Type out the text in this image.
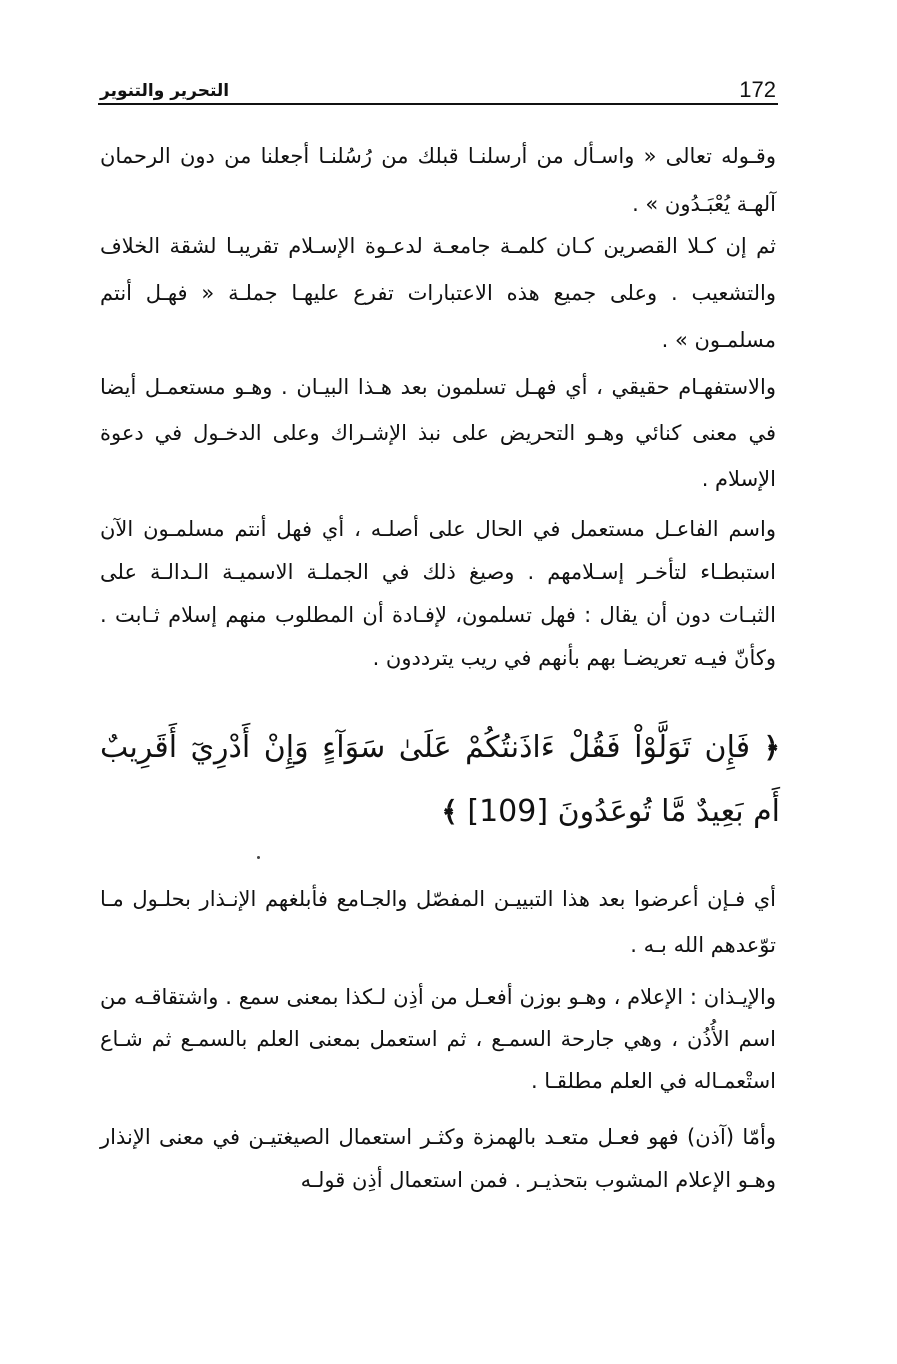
التحرير والتنوير	172

وقـوله تعالى « واسـأل من أرسلنـا قبلك من رُسُلنـا أجعلنا من دون الرحمان آلهـة يُعْبَـدُون » .

ثم إن كـلا القصرين كـان كلمـة جامعـة لدعـوة الإسـلام تقريبـا لشقة الخلاف والتشعيب . وعلى جميع هذه الاعتبارات تفرع عليهـا جملـة « فهـل أنتم مسلمـون » .

والاستفهـام حقيقي ، أي فهـل تسلمون بعد هـذا البيـان . وهـو مستعمـل أيضا في معنى كنائي وهـو التحريض على نبذ الإشـراك وعلى الدخـول في دعوة الإسلام .

واسم الفاعـل مستعمل في الحال على أصلـه ، أي فهل أنتم مسلمـون الآن استبطـاء لتأخـر إسـلامهم . وصيغ ذلك في الجملـة الاسميـة الـدالـة على الثبـات دون أن يقال : فهل تسلمون، لإفـادة أن المطلوب منهم إسلام ثـابت . وكأنّ فيـه تعريضـا بهم بأنهم في ريب يترددون .

﴿ فَإِن تَوَلَّوْاْ فَقُلْ ءَاذَنتُكُمْ عَلَىٰ سَوَآءٍ وَإِنْ أَدْرِيٓ أَقَرِيبٌ أَم بَعِيدٌ مَّا تُوعَدُونَ [109] ﴾

أي فـإن أعرضوا بعد هذا التبييـن المفصّل والجـامع فأبلغهم الإنـذار بحلـول مـا توّعدهم الله بـه .

والإيـذان : الإعلام ، وهـو بوزن أفعـل من أذِن لـكذا بمعنى سمع . واشتقاقـه من اسم الأُذُن ، وهي جارحة السمـع ، ثم استعمل بمعنى العلم بالسمـع ثم شـاع استْعمـاله في العلم مطلقـا .

وأمّا (آذن) فهو فعـل متعـد بالهمزة وكثـر استعمال الصيغتيـن في معنى الإنذار وهـو الإعلام المشوب بتحذيـر . فمن استعمال أذِن قولـه
